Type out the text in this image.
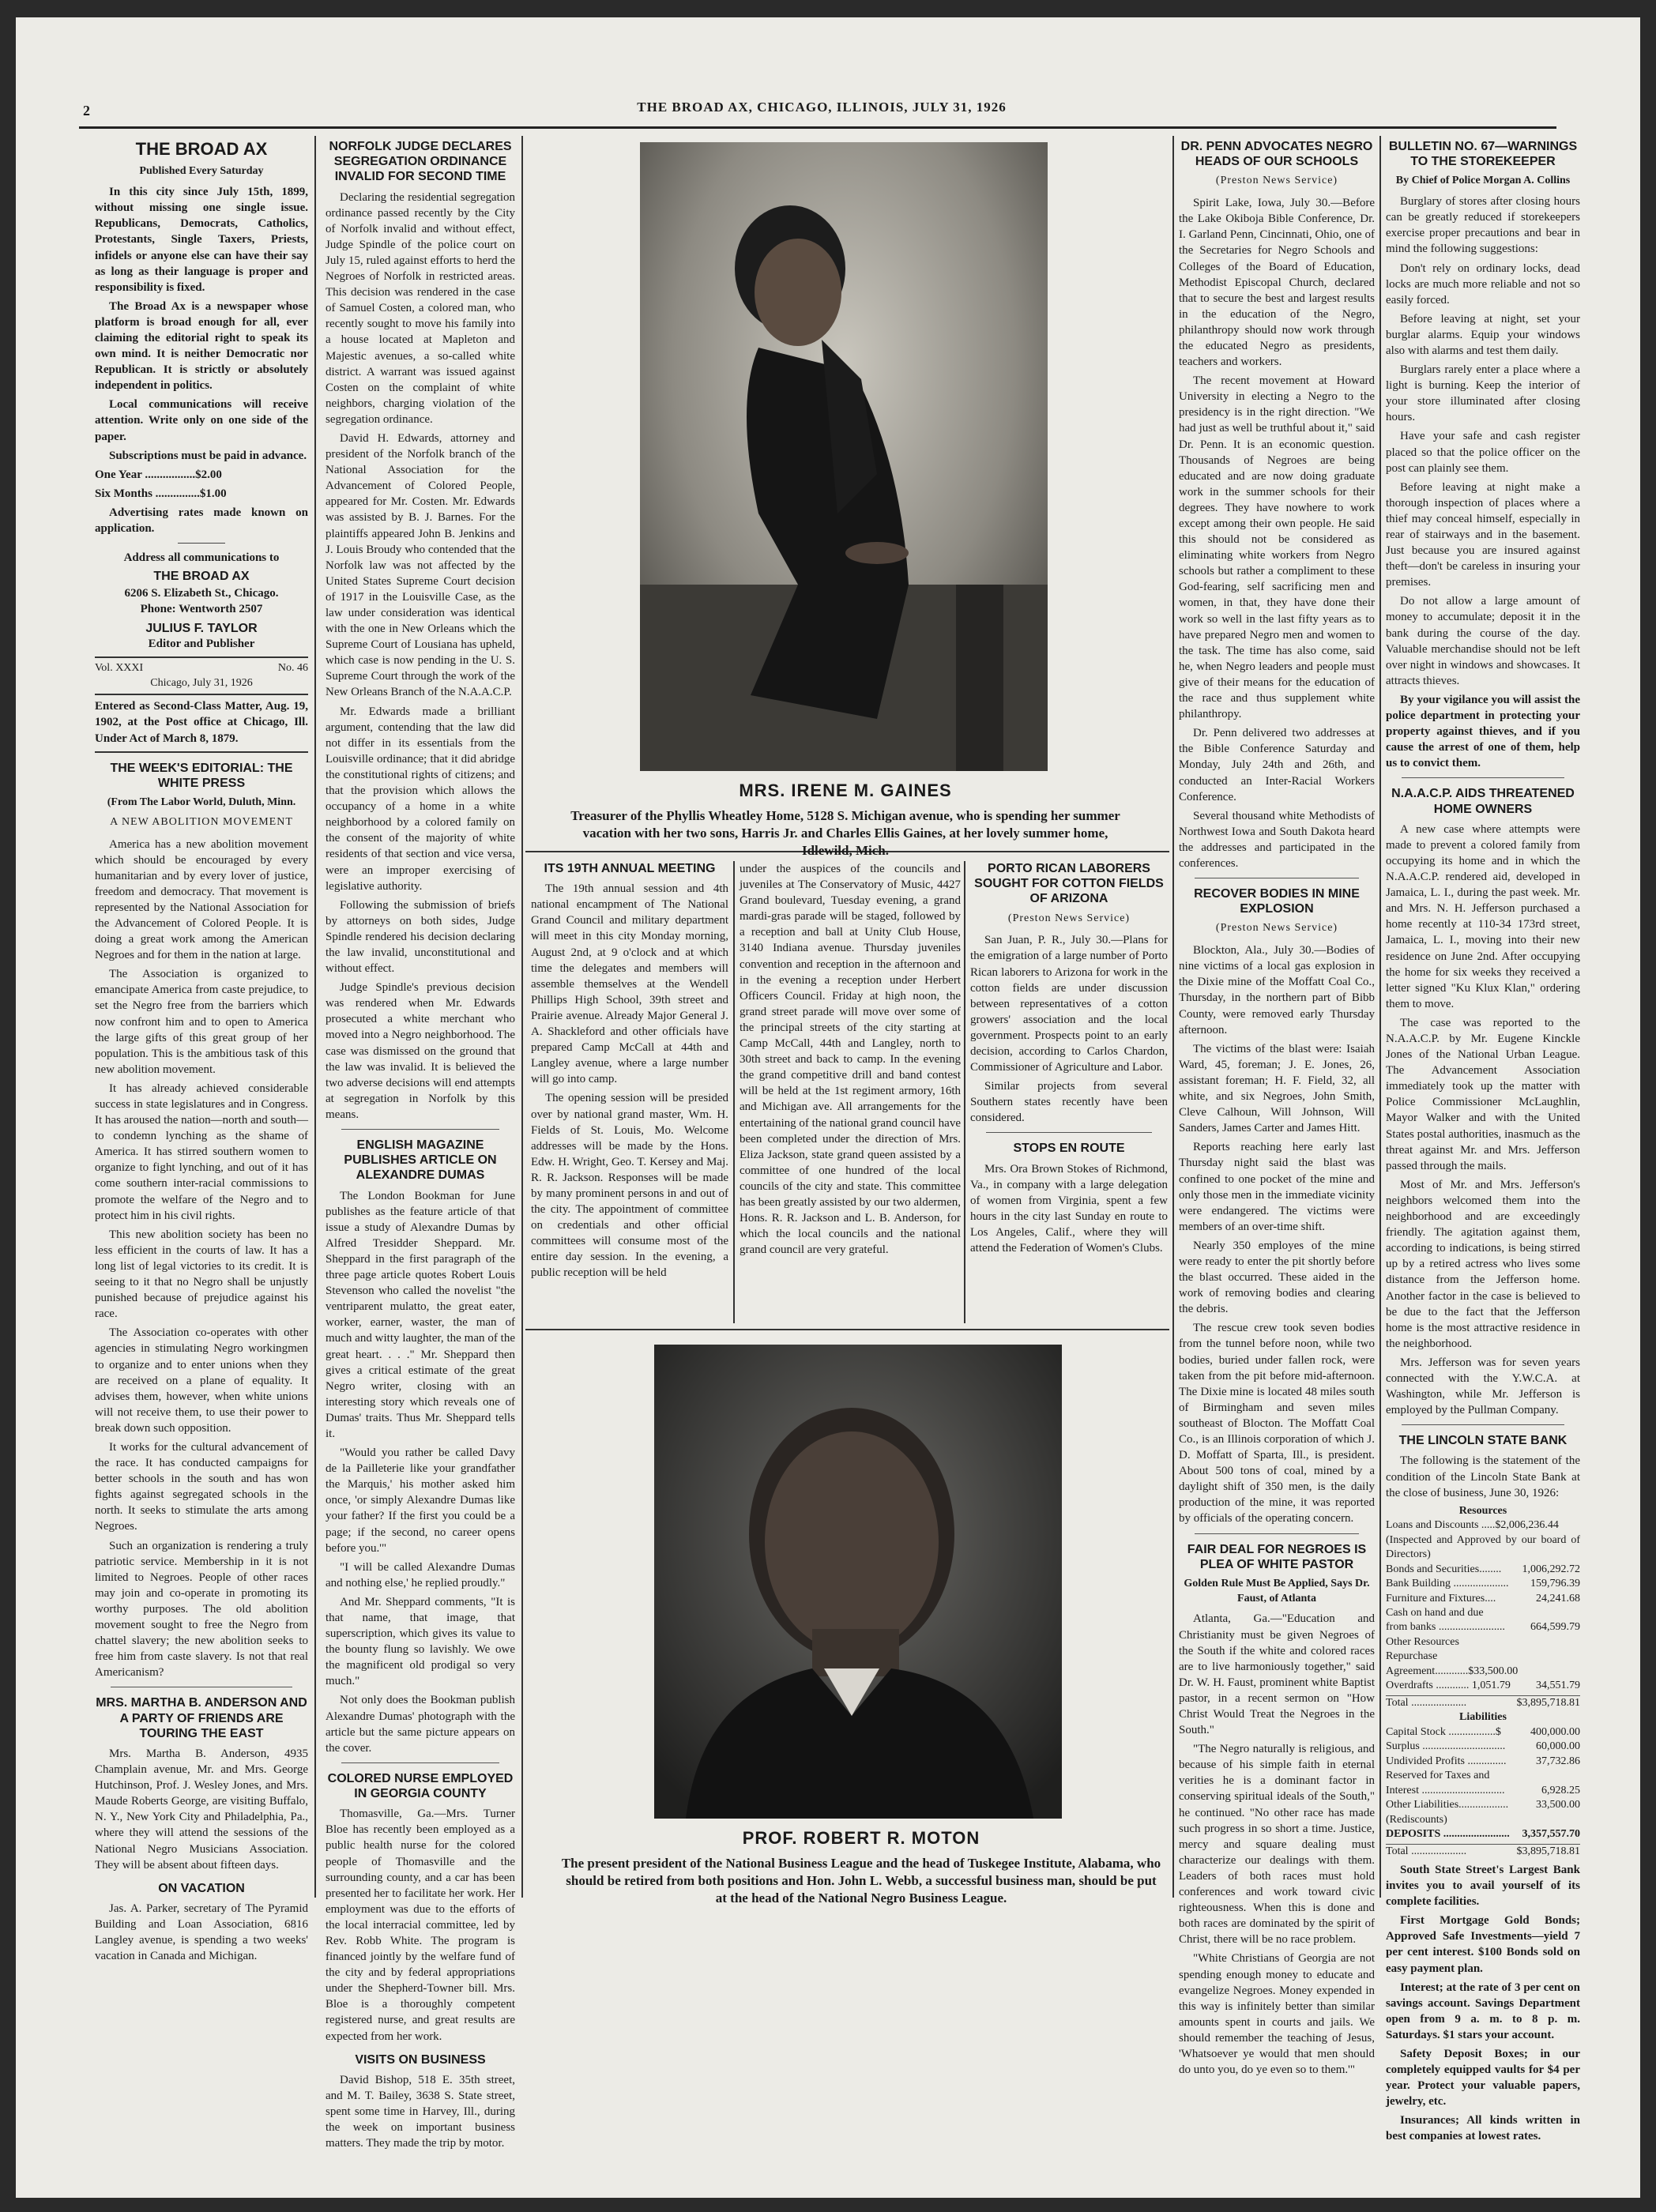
2	THE BROAD AX, CHICAGO, ILLINOIS, JULY 31, 1926
THE BROAD AX
Published Every Saturday

In this city since July 15th, 1899, without missing one single issue. Republicans, Democrats, Catholics, Protestants, Single Taxers, Priests, infidels or anyone else can have their say as long as their language is proper and responsibility is fixed.

The Broad Ax is a newspaper whose platform is broad enough for all, ever claiming the editorial right to speak its own mind. It is neither Democratic nor Republican. It is strictly or absolutely independent in politics.

Local communications will receive attention. Write only on one side of the paper.

Subscriptions must be paid in advance.

One Year .................$2.00

Six Months ...............$1.00

Advertising rates made known on application.

Address all communications to

THE BROAD AX

6206 S. Elizabeth St., Chicago.

Phone: Wentworth 2507

JULIUS F. TAYLOR

Editor and Publisher

Vol. XXXI	No. 46
Chicago, July 31, 1926

Entered as Second-Class Matter, Aug. 19, 1902, at the Post office at Chicago, Ill. Under Act of March 8, 1879.

THE WEEK'S EDITORIAL: THE WHITE PRESS
(From The Labor World, Duluth, Minn.
A NEW ABOLITION MOVEMENT

America has a new abolition movement which should be encouraged by every humanitarian and by every lover of justice, freedom and democracy. That movement is represented by the National Association for the Advancement of Colored People. It is doing a great work among the American Negroes and for them in the nation at large.

The Association is organized to emancipate America from caste prejudice, to set the Negro free from the barriers which now confront him and to open to America the large gifts of this great group of her population. This is the ambitious task of this new abolition movement.

It has already achieved considerable success in state legislatures and in Congress. It has aroused the nation—north and south—to condemn lynching as the shame of America. It has stirred southern women to organize to fight lynching, and out of it has come southern inter-racial commissions to promote the welfare of the Negro and to protect him in his civil rights.

This new abolition society has been no less efficient in the courts of law. It has a long list of legal victories to its credit. It is seeing to it that no Negro shall be unjustly punished because of prejudice against his race.

The Association co-operates with other agencies in stimulating Negro workingmen to organize and to enter unions when they are received on a plane of equality. It advises them, however, when white unions will not receive them, to use their power to break down such opposition.

It works for the cultural advancement of the race. It has conducted campaigns for better schools in the south and has won fights against segregated schools in the north. It seeks to stimulate the arts among Negroes.

Such an organization is rendering a truly patriotic service. Membership in it is not limited to Negroes. People of other races may join and co-operate in promoting its worthy purposes. The old abolition movement sought to free the Negro from chattel slavery; the new abolition seeks to free him from caste slavery. Is not that real Americanism?

MRS. MARTHA B. ANDERSON AND A PARTY OF FRIENDS ARE TOURING THE EAST

Mrs. Martha B. Anderson, 4935 Champlain avenue, Mr. and Mrs. George Hutchinson, Prof. J. Wesley Jones, and Mrs. Maude Roberts George, are visiting Buffalo, N. Y., New York City and Philadelphia, Pa., where they will attend the sessions of the National Negro Musicians Association. They will be absent about fifteen days.

ON VACATION

Jas. A. Parker, secretary of The Pyramid Building and Loan Association, 6816 Langley avenue, is spending a two weeks' vacation in Canada and Michigan.

NORFOLK JUDGE DECLARES SEGREGATION ORDINANCE INVALID FOR SECOND TIME

Declaring the residential segregation ordinance passed recently by the City of Norfolk invalid and without effect, Judge Spindle of the police court on July 15, ruled against efforts to herd the Negroes of Norfolk in restricted areas. This decision was rendered in the case of Samuel Costen, a colored man, who recently sought to move his family into a house located at Mapleton and Majestic avenues, a so-called white district. A warrant was issued against Costen on the complaint of white neighbors, charging violation of the segregation ordinance.

David H. Edwards, attorney and president of the Norfolk branch of the National Association for the Advancement of Colored People, appeared for Mr. Costen. Mr. Edwards was assisted by B. J. Barnes. For the plaintiffs appeared John B. Jenkins and J. Louis Broudy who contended that the Norfolk law was not affected by the United States Supreme Court decision of 1917 in the Louisville Case, as the law under consideration was identical with the one in New Orleans which the Supreme Court of Lousiana has upheld, which case is now pending in the U. S. Supreme Court through the work of the New Orleans Branch of the N.A.A.C.P.

Mr. Edwards made a brilliant argument, contending that the law did not differ in its essentials from the Louisville ordinance; that it did abridge the constitutional rights of citizens; and that the provision which allows the occupancy of a home in a white neighborhood by a colored family on the consent of the majority of white residents of that section and vice versa, were an improper exercising of legislative authority.

Following the submission of briefs by attorneys on both sides, Judge Spindle rendered his decision declaring the law invalid, unconstitutional and without effect.

Judge Spindle's previous decision was rendered when Mr. Edwards prosecuted a white merchant who moved into a Negro neighborhood. The case was dismissed on the ground that the law was invalid. It is believed the two adverse decisions will end attempts at segregation in Norfolk by this means.

ENGLISH MAGAZINE PUBLISHES ARTICLE ON ALEXANDRE DUMAS

The London Bookman for June publishes as the feature article of that issue a study of Alexandre Dumas by Alfred Tresidder Sheppard. Mr. Sheppard in the first paragraph of the three page article quotes Robert Louis Stevenson who called the novelist "the ventriparent mulatto, the great eater, worker, earner, waster, the man of much and witty laughter, the man of the great heart. . . ." Mr. Sheppard then gives a critical estimate of the great Negro writer, closing with an interesting story which reveals one of Dumas' traits. Thus Mr. Sheppard tells it.

"Would you rather be called Davy de la Pailleterie like your grandfather the Marquis,' his mother asked him once, 'or simply Alexandre Dumas like your father? If the first you could be a page; if the second, no career opens before you.'"

"I will be called Alexandre Dumas and nothing else,' he replied proudly."

And Mr. Sheppard comments, "It is that name, that image, that superscription, which gives its value to the bounty flung so lavishly. We owe the magnificent old prodigal so very much."

Not only does the Bookman publish Alexandre Dumas' photograph with the article but the same picture appears on the cover.

COLORED NURSE EMPLOYED IN GEORGIA COUNTY

Thomasville, Ga.—Mrs. Turner Bloe has recently been employed as a public health nurse for the colored people of Thomasville and the surrounding county, and a car has been presented her to facilitate her work. Her employment was due to the efforts of the local interracial committee, led by Rev. Robb White. The program is financed jointly by the welfare fund of the city and by federal appropriations under the Shepherd-Towner bill. Mrs. Bloe is a thoroughly competent registered nurse, and great results are expected from her work.

VISITS ON BUSINESS

David Bishop, 518 E. 35th street, and M. T. Bailey, 3638 S. State street, spent some time in Harvey, Ill., during the week on important business matters. They made the trip by motor.

MRS. IRENE M. GAINES
Treasurer of the Phyllis Wheatley Home, 5128 S. Michigan avenue, who is spending her summer vacation with her two sons, Harris Jr. and Charles Ellis Gaines, at her lovely summer home, Idlewild, Mich.
ITS 19TH ANNUAL MEETING

The 19th annual session and 4th national encampment of The National Grand Council and military department will meet in this city Monday morning, August 2nd, at 9 o'clock and at which time the delegates and members will assemble themselves at the Wendell Phillips High School, 39th street and Prairie avenue. Already Major General J. A. Shackleford and other officials have prepared Camp McCall at 44th and Langley avenue, where a large number will go into camp.

The opening session will be presided over by national grand master, Wm. H. Fields of St. Louis, Mo. Welcome addresses will be made by the Hons. Edw. H. Wright, Geo. T. Kersey and Maj. R. R. Jackson. Responses will be made by many prominent persons in and out of the city. The appointment of committee on credentials and other official committees will consume most of the entire day session. In the evening, a public reception will be held

under the auspices of the councils and juveniles at The Conservatory of Music, 4427 Grand boulevard, Tuesday evening, a grand mardi-gras parade will be staged, followed by a reception and ball at Unity Club House, 3140 Indiana avenue. Thursday juveniles convention and reception in the afternoon and in the evening a reception under Herbert Officers Council. Friday at high noon, the grand street parade will move over some of the principal streets of the city starting at Camp McCall, 44th and Langley, north to 30th street and back to camp. In the evening the grand competitive drill and band contest will be held at the 1st regiment armory, 16th and Michigan ave. All arrangements for the entertaining of the national grand council have been completed under the direction of Mrs. Eliza Jackson, state grand queen assisted by a committee of one hundred of the local councils of the city and state. This committee has been greatly assisted by our two aldermen, Hons. R. R. Jackson and L. B. Anderson, for which the local councils and the national grand council are very grateful.

PORTO RICAN LABORERS SOUGHT FOR COTTON FIELDS OF ARIZONA
(Preston News Service)

San Juan, P. R., July 30.—Plans for the emigration of a large number of Porto Rican laborers to Arizona for work in the cotton fields are under discussion between representatives of a cotton growers' association and the local government. Prospects point to an early decision, according to Carlos Chardon, Commissioner of Agriculture and Labor.

Similar projects from several Southern states recently have been considered.

STOPS EN ROUTE

Mrs. Ora Brown Stokes of Richmond, Va., in company with a large delegation of women from Virginia, spent a few hours in the city last Sunday en route to Los Angeles, Calif., where they will attend the Federation of Women's Clubs.

PROF. ROBERT R. MOTON
The present president of the National Business League and the head of Tuskegee Institute, Alabama, who should be retired from both positions and Hon. John L. Webb, a successful business man, should be put at the head of the National Negro Business League.
DR. PENN ADVOCATES NEGRO HEADS OF OUR SCHOOLS
(Preston News Service)

Spirit Lake, Iowa, July 30.—Before the Lake Okiboja Bible Conference, Dr. I. Garland Penn, Cincinnati, Ohio, one of the Secretaries for Negro Schools and Colleges of the Board of Education, Methodist Episcopal Church, declared that to secure the best and largest results in the education of the Negro, philanthropy should now work through the educated Negro as presidents, teachers and workers.

The recent movement at Howard University in electing a Negro to the presidency is in the right direction. "We had just as well be truthful about it," said Dr. Penn. It is an economic question. Thousands of Negroes are being educated and are now doing graduate work in the summer schools for their degrees. They have nowhere to work except among their own people. He said this should not be considered as eliminating white workers from Negro schools but rather a compliment to these God-fearing, self sacrificing men and women, in that, they have done their work so well in the last fifty years as to have prepared Negro men and women to the task. The time has also come, said he, when Negro leaders and people must give of their means for the education of the race and thus supplement white philanthropy.

Dr. Penn delivered two addresses at the Bible Conference Saturday and Monday, July 24th and 26th, and conducted an Inter-Racial Workers Conference.

Several thousand white Methodists of Northwest Iowa and South Dakota heard the addresses and participated in the conferences.

RECOVER BODIES IN MINE EXPLOSION
(Preston News Service)

Blockton, Ala., July 30.—Bodies of nine victims of a local gas explosion in the Dixie mine of the Moffatt Coal Co., Thursday, in the northern part of Bibb County, were removed early Thursday afternoon.

The victims of the blast were: Isaiah Ward, 45, foreman; J. E. Jones, 26, assistant foreman; H. F. Field, 32, all white, and six Negroes, John Smith, Cleve Calhoun, Will Johnson, Will Sanders, James Carter and James Hitt.

Reports reaching here early last Thursday night said the blast was confined to one pocket of the mine and only those men in the immediate vicinity were endangered. The victims were members of an over-time shift.

Nearly 350 employes of the mine were ready to enter the pit shortly before the blast occurred. These aided in the work of removing bodies and clearing the debris.

The rescue crew took seven bodies from the tunnel before noon, while two bodies, buried under fallen rock, were taken from the pit before mid-afternoon. The Dixie mine is located 48 miles south of Birmingham and seven miles southeast of Blocton. The Moffatt Coal Co., is an Illinois corporation of which J. D. Moffatt of Sparta, Ill., is president. About 500 tons of coal, mined by a daylight shift of 350 men, is the daily production of the mine, it was reported by officials of the operating concern.

FAIR DEAL FOR NEGROES IS PLEA OF WHITE PASTOR
Golden Rule Must Be Applied, Says Dr. Faust, of Atlanta

Atlanta, Ga.—"Education and Christianity must be given Negroes of the South if the white and colored races are to live harmoniously together," said Dr. W. H. Faust, prominent white Baptist pastor, in a recent sermon on "How Christ Would Treat the Negroes in the South."

"The Negro naturally is religious, and because of his simple faith in eternal verities he is a dominant factor in conserving spiritual ideals of the South," he continued. "No other race has made such progress in so short a time. Justice, mercy and square dealing must characterize our dealings with them. Leaders of both races must hold conferences and work toward civic righteousness. When this is done and both races are dominated by the spirit of Christ, there will be no race problem.

"White Christians of Georgia are not spending enough money to educate and evangelize Negroes. Money expended in this way is infinitely better than similar amounts spent in courts and jails. We should remember the teaching of Jesus, 'Whatsoever ye would that men should do unto you, do ye even so to them.'"

BULLETIN NO. 67—WARNINGS TO THE STOREKEEPER
By Chief of Police Morgan A. Collins

Burglary of stores after closing hours can be greatly reduced if storekeepers exercise proper precautions and bear in mind the following suggestions:

Don't rely on ordinary locks, dead locks are much more reliable and not so easily forced.

Before leaving at night, set your burglar alarms. Equip your windows also with alarms and test them daily.

Burglars rarely enter a place where a light is burning. Keep the interior of your store illuminated after closing hours.

Have your safe and cash register placed so that the police officer on the post can plainly see them.

Before leaving at night make a thorough inspection of places where a thief may conceal himself, especially in rear of stairways and in the basement. Just because you are insured against theft—don't be careless in insuring your premises.

Do not allow a large amount of money to accumulate; deposit it in the bank during the course of the day. Valuable merchandise should not be left over night in windows and showcases. It attracts thieves.

By your vigilance you will assist the police department in protecting your property against thieves, and if you cause the arrest of one of them, help us to convict them.

N.A.A.C.P. AIDS THREATENED HOME OWNERS

A new case where attempts were made to prevent a colored family from occupying its home and in which the N.A.A.C.P. rendered aid, developed in Jamaica, L. I., during the past week. Mr. and Mrs. N. H. Jefferson purchased a home recently at 110-34 173rd street, Jamaica, L. I., moving into their new residence on June 2nd. After occupying the home for six weeks they received a letter signed "Ku Klux Klan," ordering them to move.

The case was reported to the N.A.A.C.P. by Mr. Eugene Kinckle Jones of the National Urban League. The Advancement Association immediately took up the matter with Police Commissioner McLaughlin, Mayor Walker and with the United States postal authorities, inasmuch as the threat against Mr. and Mrs. Jefferson passed through the mails.

Most of Mr. and Mrs. Jefferson's neighbors welcomed them into the neighborhood and are exceedingly friendly. The agitation against them, according to indications, is being stirred up by a retired actress who lives some distance from the Jefferson home. Another factor in the case is believed to be due to the fact that the Jefferson home is the most attractive residence in the neighborhood.

Mrs. Jefferson was for seven years connected with the Y.W.C.A. at Washington, while Mr. Jefferson is employed by the Pullman Company.

THE LINCOLN STATE BANK

The following is the statement of the condition of the Lincoln State Bank at the close of business, June 30, 1926:

Resources
Loans and Discounts .....$2,006,236.44
(Inspected and Approved by our board of Directors)
Bonds and Securities........ 1,006,292.72
Bank Building .................... 159,796.39
Furniture and Fixtures....	24,241.68
Cash on hand and due
from banks ........................ 664,599.79
Other Resources
Repurchase
Agreement............$33,500.00
Overdrafts ............ 1,051.79 34,551.79
Total ....................	$3,895,718.81
Liabilities
Capital Stock .................$	400,000.00
Surplus ..............................	60,000.00
Undivided Profits ..............	37,732.86
Reserved for Taxes and
Interest ..............................	6,928.25
Other Liabilities.................. 33,500.00
(Rediscounts)
DEPOSITS ........................ 3,357,557.70
Total ....................	$3,895,718.81

South State Street's Largest Bank invites you to avail yourself of its complete facilities.

First Mortgage Gold Bonds; Approved Safe Investments—yield 7 per cent interest. $100 Bonds sold on easy payment plan.

Interest; at the rate of 3 per cent on savings account. Savings Department open from 9 a. m. to 8 p. m. Saturdays. $1 stars your account.

Safety Deposit Boxes; in our completely equipped vaults for $4 per year. Protect your valuable papers, jewelry, etc.

Insurances; All kinds written in best companies at lowest rates.
